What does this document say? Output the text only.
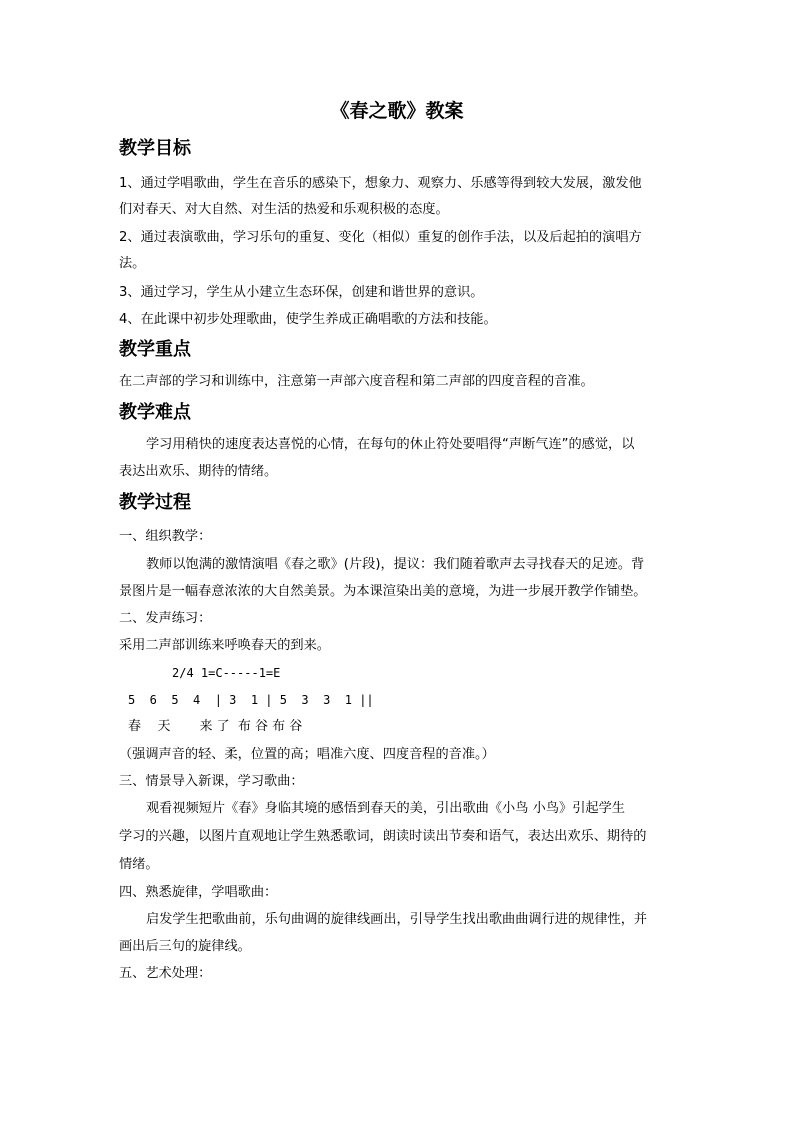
《春之歌》教案
教学目标
1、通过学唱歌曲，学生在音乐的感染下，想象力、观察力、乐感等得到较大发展，激发他
们对春天、对大自然、对生活的热爱和乐观积极的态度。
2、通过表演歌曲，学习乐句的重复、变化（相似）重复的创作手法，以及后起拍的演唱方
法。
3、通过学习，学生从小建立生态环保，创建和谐世界的意识。
4、在此课中初步处理歌曲，使学生养成正确唱歌的方法和技能。
教学重点
在二声部的学习和训练中，注意第一声部六度音程和第二声部的四度音程的音准。
教学难点
学习用稍快的速度表达喜悦的心情，在每句的休止符处要唱得“声断气连”的感觉，以
表达出欢乐、期待的情绪。
教学过程
一、组织教学：
教师以饱满的激情演唱《春之歌》(片段)，提议：我们随着歌声去寻找春天的足迹。背
景图片是一幅春意浓浓的大自然美景。为本课渲染出美的意境，为进一步展开教学作铺垫。
二、发声练习：
采用二声部训练来呼唤春天的到来。
2/4 1=C-----1=E
5  6  5  4  | 3  1 | 5  3  3  1 ||
春    天       来 了  布 谷 布 谷
（强调声音的轻、柔，位置的高；唱准六度、四度音程的音准。）
三、情景导入新课，学习歌曲：
观看视频短片《春》身临其境的感悟到春天的美，引出歌曲《小鸟 小鸟》引起学生
学习的兴趣，以图片直观地让学生熟悉歌词，朗读时读出节奏和语气，表达出欢乐、期待的
情绪。
四、熟悉旋律，学唱歌曲：
启发学生把歌曲前，乐句曲调的旋律线画出，引导学生找出歌曲曲调行进的规律性，并
画出后三句的旋律线。
五、艺术处理：
